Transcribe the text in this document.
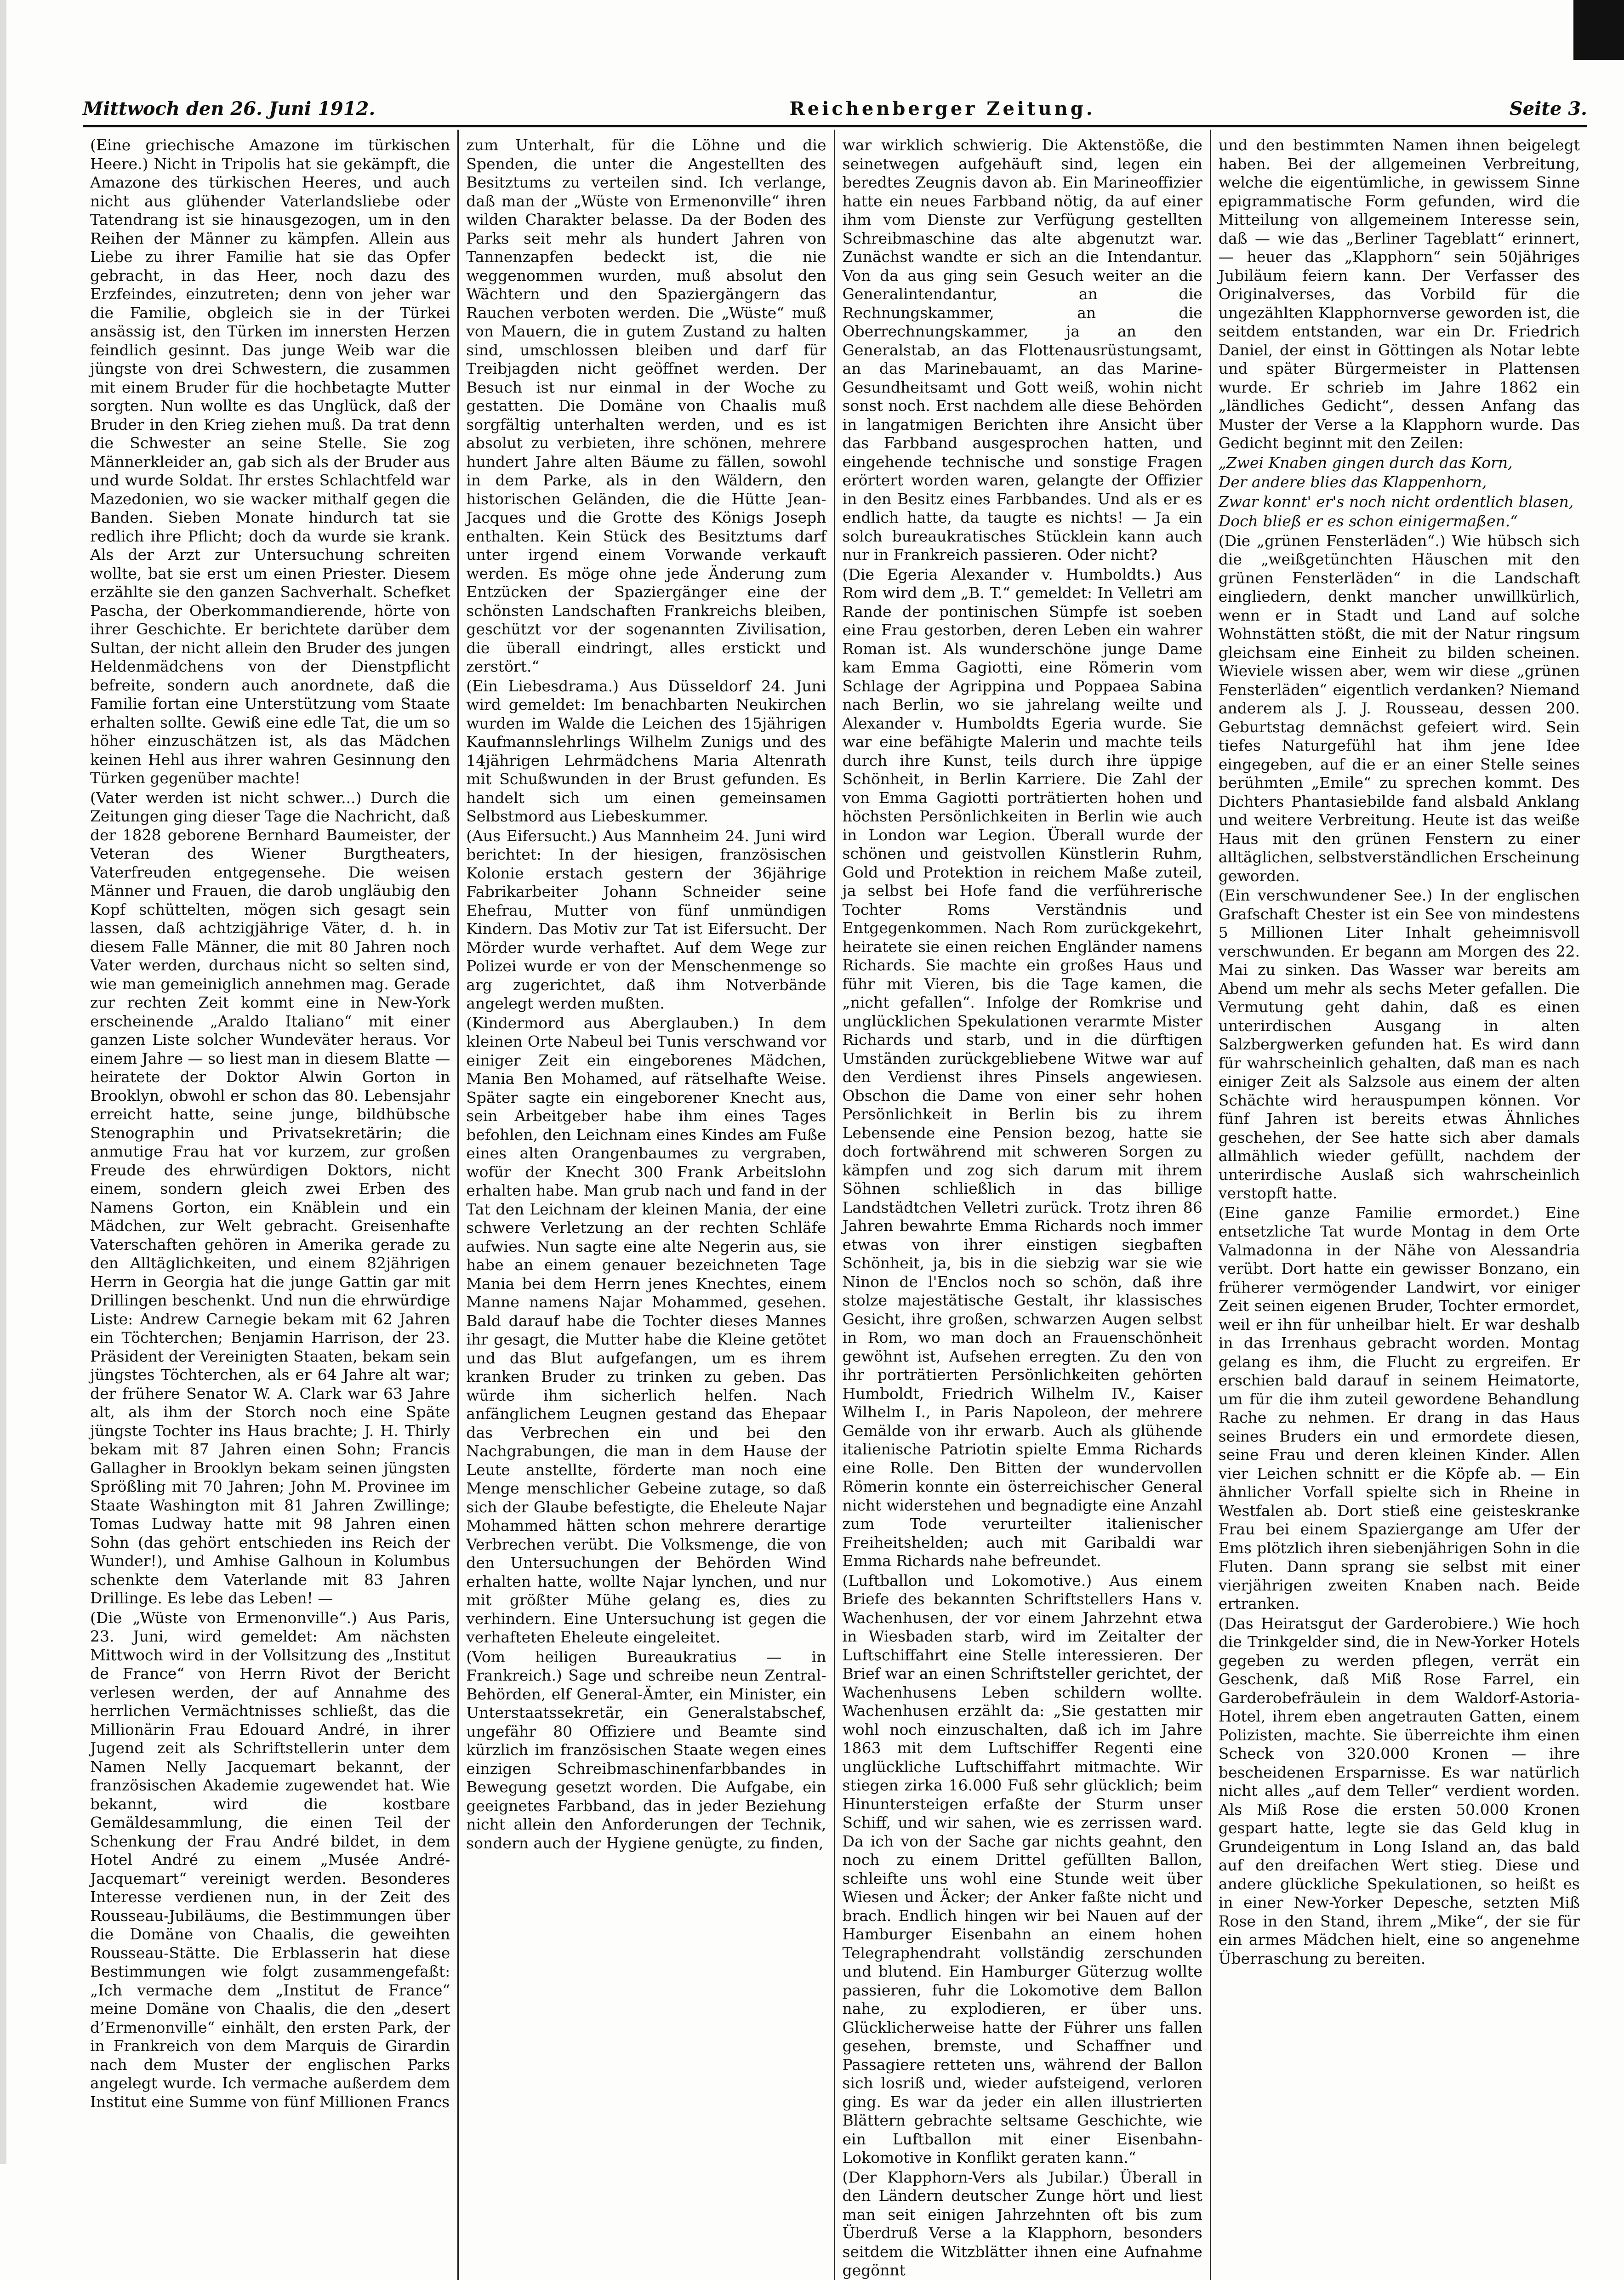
Mittwoch den 26. Juni 1912.	Reichenberger Zeitung.	Seite 3.

(Eine griechische Amazone im türkischen Heere.) Nicht in Tripolis hat sie gekämpft, die Amazone des türkischen Heeres, und auch nicht aus glühender Vaterlandsliebe oder Tatendrang ist sie hinausgezogen, um in den Reihen der Männer zu kämpfen. Allein aus Liebe zu ihrer Familie hat sie das Opfer gebracht, in das Heer, noch dazu des Erzfeindes, einzutreten; denn von jeher war die Familie, obgleich sie in der Türkei ansässig ist, den Türken im innersten Herzen feindlich gesinnt. Das junge Weib war die jüngste von drei Schwestern, die zusammen mit einem Bruder für die hochbetagte Mutter sorgten. Nun wollte es das Unglück, daß der Bruder in den Krieg ziehen muß. Da trat denn die Schwester an seine Stelle. Sie zog Männerkleider an, gab sich als der Bruder aus und wurde Soldat. Ihr erstes Schlachtfeld war Mazedonien, wo sie wacker mithalf gegen die Banden. Sieben Monate hindurch tat sie redlich ihre Pflicht; doch da wurde sie krank. Als der Arzt zur Untersuchung schreiten wollte, bat sie erst um einen Priester. Diesem erzählte sie den ganzen Sachverhalt. Schefket Pascha, der Oberkommandierende, hörte von ihrer Geschichte. Er berichtete darüber dem Sultan, der nicht allein den Bruder des jungen Heldenmädchens von der Dienstpflicht befreite, sondern auch anordnete, daß die Familie fortan eine Unterstützung vom Staate erhalten sollte. Gewiß eine edle Tat, die um so höher einzuschätzen ist, als das Mädchen keinen Hehl aus ihrer wahren Gesinnung den Türken gegenüber machte!

(Vater werden ist nicht schwer...) Durch die Zeitungen ging dieser Tage die Nachricht, daß der 1828 geborene Bernhard Baumeister, der Veteran des Wiener Burgtheaters, Vaterfreuden entgegensehe. Die weisen Männer und Frauen, die darob ungläubig den Kopf schüttelten, mögen sich gesagt sein lassen, daß achtzigjährige Väter, d. h. in diesem Falle Männer, die mit 80 Jahren noch Vater werden, durchaus nicht so selten sind, wie man gemeiniglich annehmen mag. Gerade zur rechten Zeit kommt eine in New-York erscheinende „Araldo Italiano“ mit einer ganzen Liste solcher Wundeväter heraus. Vor einem Jahre — so liest man in diesem Blatte — heiratete der Doktor Alwin Gorton in Brooklyn, obwohl er schon das 80. Lebensjahr erreicht hatte, seine junge, bildhübsche Stenographin und Privatsekretärin; die anmutige Frau hat vor kurzem, zur großen Freude des ehrwürdigen Doktors, nicht einem, sondern gleich zwei Erben des Namens Gorton, ein Knäblein und ein Mädchen, zur Welt gebracht. Greisenhafte Vaterschaften gehören in Amerika gerade zu den Alltäglichkeiten, und einem 82jährigen Herrn in Georgia hat die junge Gattin gar mit Drillingen beschenkt. Und nun die ehrwürdige Liste: Andrew Carnegie bekam mit 62 Jahren ein Töchterchen; Benjamin Harrison, der 23. Präsident der Vereinigten Staaten, bekam sein jüngstes Töchterchen, als er 64 Jahre alt war; der frühere Senator W. A. Clark war 63 Jahre alt, als ihm der Storch noch eine Späte jüngste Tochter ins Haus brachte; J. H. Thirly bekam mit 87 Jahren einen Sohn; Francis Gallagher in Brooklyn bekam seinen jüngsten Sprößling mit 70 Jahren; John M. Provinee im Staate Washington mit 81 Jahren Zwillinge; Tomas Ludway hatte mit 98 Jahren einen Sohn (das gehört entschieden ins Reich der Wunder!), und Amhise Galhoun in Kolumbus schenkte dem Vaterlande mit 83 Jahren Drillinge. Es lebe das Leben! —

(Die „Wüste von Ermenonville“.) Aus Paris, 23. Juni, wird gemeldet: Am nächsten Mittwoch wird in der Vollsitzung des „Institut de France“ von Herrn Rivot der Bericht verlesen werden, der auf Annahme des herrlichen Vermächtnisses schließt, das die Millionärin Frau Edouard André, in ihrer Jugend zeit als Schriftstellerin unter dem Namen Nelly Jacquemart bekannt, der französischen Akademie zugewendet hat. Wie bekannt, wird die kostbare Gemäldesammlung, die einen Teil der Schenkung der Frau André bildet, in dem Hotel André zu einem „Musée André-Jacquemart“ vereinigt werden. Besonderes Interesse verdienen nun, in der Zeit des Rousseau-Jubiläums, die Bestimmungen über die Domäne von Chaalis, die geweihten Rousseau-Stätte. Die Erblasserin hat diese Bestimmungen wie folgt zusammengefaßt: „Ich vermache dem „Institut de France“ meine Domäne von Chaalis, die den „desert d’Ermenonville“ einhält, den ersten Park, der in Frankreich von dem Marquis de Girardin nach dem Muster der englischen Parks angelegt wurde. Ich vermache außerdem dem Institut eine Summe von fünf Millionen Francs

zum Unterhalt, für die Löhne und die Spenden, die unter die Angestellten des Besitztums zu verteilen sind. Ich verlange, daß man der „Wüste von Ermenonville“ ihren wilden Charakter belasse. Da der Boden des Parks seit mehr als hundert Jahren von Tannenzapfen bedeckt ist, die nie weggenommen wurden, muß absolut den Wächtern und den Spaziergängern das Rauchen verboten werden. Die „Wüste“ muß von Mauern, die in gutem Zustand zu halten sind, umschlossen bleiben und darf für Treibjagden nicht geöffnet werden. Der Besuch ist nur einmal in der Woche zu gestatten. Die Domäne von Chaalis muß sorgfältig unterhalten werden, und es ist absolut zu verbieten, ihre schönen, mehrere hundert Jahre alten Bäume zu fällen, sowohl in dem Parke, als in den Wäldern, den historischen Geländen, die die Hütte Jean-Jacques und die Grotte des Königs Joseph enthalten. Kein Stück des Besitztums darf unter irgend einem Vorwande verkauft werden. Es möge ohne jede Änderung zum Entzücken der Spaziergänger eine der schönsten Landschaften Frankreichs bleiben, geschützt vor der sogenannten Zivilisation, die überall eindringt, alles erstickt und zerstört.“

(Ein Liebesdrama.) Aus Düsseldorf 24. Juni wird gemeldet: Im benachbarten Neukirchen wurden im Walde die Leichen des 15jährigen Kaufmannslehrlings Wilhelm Zunigs und des 14jährigen Lehrmädchens Maria Altenrath mit Schußwunden in der Brust gefunden. Es handelt sich um einen gemeinsamen Selbstmord aus Liebeskummer.

(Aus Eifersucht.) Aus Mannheim 24. Juni wird berichtet: In der hiesigen, französischen Kolonie erstach gestern der 36jährige Fabrikarbeiter Johann Schneider seine Ehefrau, Mutter von fünf unmündigen Kindern. Das Motiv zur Tat ist Eifersucht. Der Mörder wurde verhaftet. Auf dem Wege zur Polizei wurde er von der Menschenmenge so arg zugerichtet, daß ihm Notverbände angelegt werden mußten.

(Kindermord aus Aberglauben.) In dem kleinen Orte Nabeul bei Tunis verschwand vor einiger Zeit ein eingeborenes Mädchen, Mania Ben Mohamed, auf rätselhafte Weise. Später sagte ein eingeborener Knecht aus, sein Arbeitgeber habe ihm eines Tages befohlen, den Leichnam eines Kindes am Fuße eines alten Orangenbaumes zu vergraben, wofür der Knecht 300 Frank Arbeitslohn erhalten habe. Man grub nach und fand in der Tat den Leichnam der kleinen Mania, der eine schwere Verletzung an der rechten Schläfe aufwies. Nun sagte eine alte Negerin aus, sie habe an einem genauer bezeichneten Tage Mania bei dem Herrn jenes Knechtes, einem Manne namens Najar Mohammed, gesehen. Bald darauf habe die Tochter dieses Mannes ihr gesagt, die Mutter habe die Kleine getötet und das Blut aufgefangen, um es ihrem kranken Bruder zu trinken zu geben. Das würde ihm sicherlich helfen. Nach anfänglichem Leugnen gestand das Ehepaar das Verbrechen ein und bei den Nachgrabungen, die man in dem Hause der Leute anstellte, förderte man noch eine Menge menschlicher Gebeine zutage, so daß sich der Glaube befestigte, die Eheleute Najar Mohammed hätten schon mehrere derartige Verbrechen verübt. Die Volksmenge, die von den Untersuchungen der Behörden Wind erhalten hatte, wollte Najar lynchen, und nur mit größter Mühe gelang es, dies zu verhindern. Eine Untersuchung ist gegen die verhafteten Eheleute eingeleitet.

(Vom heiligen Bureaukratius — in Frankreich.) Sage und schreibe neun Zentral-Behörden, elf General-Ämter, ein Minister, ein Unterstaatssekretär, ein Generalstabschef, ungefähr 80 Offiziere und Beamte sind kürzlich im französischen Staate wegen eines einzigen Schreibmaschinenfarbbandes in Bewegung gesetzt worden. Die Aufgabe, ein geeignetes Farbband, das in jeder Beziehung nicht allein den Anforderungen der Technik, sondern auch der Hygiene genügte, zu finden,

war wirklich schwierig. Die Aktenstöße, die seinetwegen aufgehäuft sind, legen ein beredtes Zeugnis davon ab. Ein Marineoffizier hatte ein neues Farbband nötig, da auf einer ihm vom Dienste zur Verfügung gestellten Schreibmaschine das alte abgenutzt war. Zunächst wandte er sich an die Intendantur. Von da aus ging sein Gesuch weiter an die Generalintendantur, an die Rechnungskammer, an die Oberrechnungskammer, ja an den Generalstab, an das Flottenausrüstungsamt, an das Marinebauamt, an das Marine-Gesundheitsamt und Gott weiß, wohin nicht sonst noch. Erst nachdem alle diese Behörden in langatmigen Berichten ihre Ansicht über das Farbband ausgesprochen hatten, und eingehende technische und sonstige Fragen erörtert worden waren, gelangte der Offizier in den Besitz eines Farbbandes. Und als er es endlich hatte, da taugte es nichts! — Ja ein solch bureaukratisches Stücklein kann auch nur in Frankreich passieren. Oder nicht?

(Die Egeria Alexander v. Humboldts.) Aus Rom wird dem „B. T.“ gemeldet: In Velletri am Rande der pontinischen Sümpfe ist soeben eine Frau gestorben, deren Leben ein wahrer Roman ist. Als wunderschöne junge Dame kam Emma Gagiotti, eine Römerin vom Schlage der Agrippina und Poppaea Sabina nach Berlin, wo sie jahrelang weilte und Alexander v. Humboldts Egeria wurde. Sie war eine befähigte Malerin und machte teils durch ihre Kunst, teils durch ihre üppige Schönheit, in Berlin Karriere. Die Zahl der von Emma Gagiotti porträtierten hohen und höchsten Persönlichkeiten in Berlin wie auch in London war Legion. Überall wurde der schönen und geistvollen Künstlerin Ruhm, Gold und Protektion in reichem Maße zuteil, ja selbst bei Hofe fand die verführerische Tochter Roms Verständnis und Entgegenkommen. Nach Rom zurückgekehrt, heiratete sie einen reichen Engländer namens Richards. Sie machte ein großes Haus und führ mit Vieren, bis die Tage kamen, die „nicht gefallen“. Infolge der Romkrise und unglücklichen Spekulationen verarmte Mister Richards und starb, und in die dürftigen Umständen zurückgebliebene Witwe war auf den Verdienst ihres Pinsels angewiesen. Obschon die Dame von einer sehr hohen Persönlichkeit in Berlin bis zu ihrem Lebensende eine Pension bezog, hatte sie doch fortwährend mit schweren Sorgen zu kämpfen und zog sich darum mit ihrem Söhnen schließlich in das billige Landstädtchen Velletri zurück. Trotz ihren 86 Jahren bewahrte Emma Richards noch immer etwas von ihrer einstigen siegbaften Schönheit, ja, bis in die siebzig war sie wie Ninon de l'Enclos noch so schön, daß ihre stolze majestätische Gestalt, ihr klassisches Gesicht, ihre großen, schwarzen Augen selbst in Rom, wo man doch an Frauenschönheit gewöhnt ist, Aufsehen erregten. Zu den von ihr porträtierten Persönlichkeiten gehörten Humboldt, Friedrich Wilhelm IV., Kaiser Wilhelm I., in Paris Napoleon, der mehrere Gemälde von ihr erwarb. Auch als glühende italienische Patriotin spielte Emma Richards eine Rolle. Den Bitten der wundervollen Römerin konnte ein österreichischer General nicht widerstehen und begnadigte eine Anzahl zum Tode verurteilter italienischer Freiheitshelden; auch mit Garibaldi war Emma Richards nahe befreundet.

(Luftballon und Lokomotive.) Aus einem Briefe des bekannten Schriftstellers Hans v. Wachenhusen, der vor einem Jahrzehnt etwa in Wiesbaden starb, wird im Zeitalter der Luftschiffahrt eine Stelle interessieren. Der Brief war an einen Schriftsteller gerichtet, der Wachenhusens Leben schildern wollte. Wachenhusen erzählt da: „Sie gestatten mir wohl noch einzuschalten, daß ich im Jahre 1863 mit dem Luftschiffer Regenti eine unglückliche Luftschiffahrt mitmachte. Wir stiegen zirka 16.000 Fuß sehr glücklich; beim Hinuntersteigen erfaßte der Sturm unser Schiff, und wir sahen, wie es zerrissen ward. Da ich von der Sache gar nichts geahnt, den noch zu einem Drittel gefüllten Ballon, schleifte uns wohl eine Stunde weit über Wiesen und Äcker; der Anker faßte nicht und brach. Endlich hingen wir bei Nauen auf der Hamburger Eisenbahn an einem hohen Telegraphendraht vollständig zerschunden und blutend. Ein Hamburger Güterzug wollte passieren, fuhr die Lokomotive dem Ballon nahe, zu explodieren, er über uns. Glücklicherweise hatte der Führer uns fallen gesehen, bremste, und Schaffner und Passagiere retteten uns, während der Ballon sich losriß und, wieder aufsteigend, verloren ging. Es war da jeder ein allen illustrierten Blättern gebrachte seltsame Geschichte, wie ein Luftballon mit einer Eisenbahn-Lokomotive in Konflikt geraten kann.“

(Der Klapphorn-Vers als Jubilar.) Überall in den Ländern deutscher Zunge hört und liest man seit einigen Jahrzehnten oft bis zum Überdruß Verse a la Klapphorn, besonders seitdem die Witzblätter ihnen eine Aufnahme gegönnt

und den bestimmten Namen ihnen beigelegt haben. Bei der allgemeinen Verbreitung, welche die eigentümliche, in gewissem Sinne epigrammatische Form gefunden, wird die Mitteilung von allgemeinem Interesse sein, daß — wie das „Berliner Tageblatt“ erinnert, — heuer das „Klapphorn“ sein 50jähriges Jubiläum feiern kann. Der Verfasser des Originalverses, das Vorbild für die ungezählten Klapphornverse geworden ist, die seitdem entstanden, war ein Dr. Friedrich Daniel, der einst in Göttingen als Notar lebte und später Bürgermeister in Plattensen wurde. Er schrieb im Jahre 1862 ein „ländliches Gedicht“, dessen Anfang das Muster der Verse a la Klapphorn wurde. Das Gedicht beginnt mit den Zeilen:

„Zwei Knaben gingen durch das Korn,

Der andere blies das Klappenhorn,

Zwar konnt' er's noch nicht ordentlich blasen,

Doch bließ er es schon einigermaßen.“

(Die „grünen Fensterläden“.) Wie hübsch sich die „weißgetünchten Häuschen mit den grünen Fensterläden“ in die Landschaft eingliedern, denkt mancher unwillkürlich, wenn er in Stadt und Land auf solche Wohnstätten stößt, die mit der Natur ringsum gleichsam eine Einheit zu bilden scheinen. Wieviele wissen aber, wem wir diese „grünen Fensterläden“ eigentlich verdanken? Niemand anderem als J. J. Rousseau, dessen 200. Geburtstag demnächst gefeiert wird. Sein tiefes Naturgefühl hat ihm jene Idee eingegeben, auf die er an einer Stelle seines berühmten „Emile“ zu sprechen kommt. Des Dichters Phantasiebilde fand alsbald Anklang und weitere Verbreitung. Heute ist das weiße Haus mit den grünen Fenstern zu einer alltäglichen, selbstverständlichen Erscheinung geworden.

(Ein verschwundener See.) In der englischen Grafschaft Chester ist ein See von mindestens 5 Millionen Liter Inhalt geheimnisvoll verschwunden. Er begann am Morgen des 22. Mai zu sinken. Das Wasser war bereits am Abend um mehr als sechs Meter gefallen. Die Vermutung geht dahin, daß es einen unterirdischen Ausgang in alten Salzbergwerken gefunden hat. Es wird dann für wahrscheinlich gehalten, daß man es nach einiger Zeit als Salzsole aus einem der alten Schächte wird herauspumpen können. Vor fünf Jahren ist bereits etwas Ähnliches geschehen, der See hatte sich aber damals allmählich wieder gefüllt, nachdem der unterirdische Auslaß sich wahrscheinlich verstopft hatte.

(Eine ganze Familie ermordet.) Eine entsetzliche Tat wurde Montag in dem Orte Valmadonna in der Nähe von Alessandria verübt. Dort hatte ein gewisser Bonzano, ein früherer vermögender Landwirt, vor einiger Zeit seinen eigenen Bruder, Tochter ermordet, weil er ihn für unheilbar hielt. Er war deshalb in das Irrenhaus gebracht worden. Montag gelang es ihm, die Flucht zu ergreifen. Er erschien bald darauf in seinem Heimatorte, um für die ihm zuteil gewordene Behandlung Rache zu nehmen. Er drang in das Haus seines Bruders ein und ermordete diesen, seine Frau und deren kleinen Kinder. Allen vier Leichen schnitt er die Köpfe ab. — Ein ähnlicher Vorfall spielte sich in Rheine in Westfalen ab. Dort stieß eine geisteskranke Frau bei einem Spaziergange am Ufer der Ems plötzlich ihren siebenjährigen Sohn in die Fluten. Dann sprang sie selbst mit einer vierjährigen zweiten Knaben nach. Beide ertranken.

(Das Heiratsgut der Garderobiere.) Wie hoch die Trinkgelder sind, die in New-Yorker Hotels gegeben zu werden pflegen, verrät ein Geschenk, daß Miß Rose Farrel, ein Garderobefräulein in dem Waldorf-Astoria-Hotel, ihrem eben angetrauten Gatten, einem Polizisten, machte. Sie überreichte ihm einen Scheck von 320.000 Kronen — ihre bescheidenen Ersparnisse. Es war natürlich nicht alles „auf dem Teller“ verdient worden. Als Miß Rose die ersten 50.000 Kronen gespart hatte, legte sie das Geld klug in Grundeigentum in Long Island an, das bald auf den dreifachen Wert stieg. Diese und andere glückliche Spekulationen, so heißt es in einer New-Yorker Depesche, setzten Miß Rose in den Stand, ihrem „Mike“, der sie für ein armes Mädchen hielt, eine so angenehme Überraschung zu bereiten.
